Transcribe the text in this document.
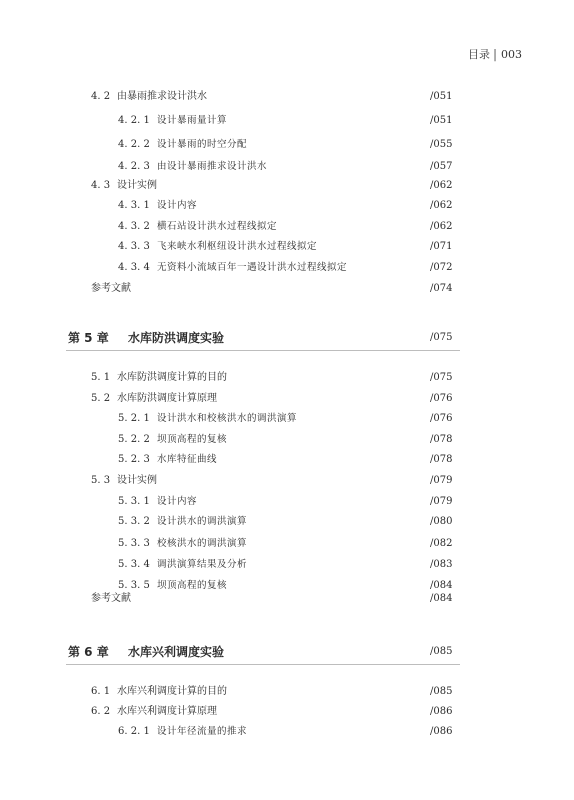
目录 | 003
4. 2 由暴雨推求设计洪水	/051
4. 2. 1 设计暴雨量计算	/051
4. 2. 2 设计暴雨的时空分配	/055
4. 2. 3 由设计暴雨推求设计洪水	/057
4. 3 设计实例	/062
4. 3. 1 设计内容	/062
4. 3. 2 横石站设计洪水过程线拟定	/062
4. 3. 3 飞来峡水利枢纽设计洪水过程线拟定	/071
4. 3. 4 无资料小流域百年一遇设计洪水过程线拟定	/072
参考文献	/074
第 5 章 水库防洪调度实验	/075
5. 1 水库防洪调度计算的目的	/075
5. 2 水库防洪调度计算原理	/076
5. 2. 1 设计洪水和校核洪水的调洪演算	/076
5. 2. 2 坝顶高程的复核	/078
5. 2. 3 水库特征曲线	/078
5. 3 设计实例	/079
5. 3. 1 设计内容	/079
5. 3. 2 设计洪水的调洪演算	/080
5. 3. 3 校核洪水的调洪演算	/082
5. 3. 4 调洪演算结果及分析	/083
5. 3. 5 坝顶高程的复核	/084
参考文献	/084
第 6 章 水库兴利调度实验	/085
6. 1 水库兴利调度计算的目的	/085
6. 2 水库兴利调度计算原理	/086
6. 2. 1 设计年径流量的推求	/086
